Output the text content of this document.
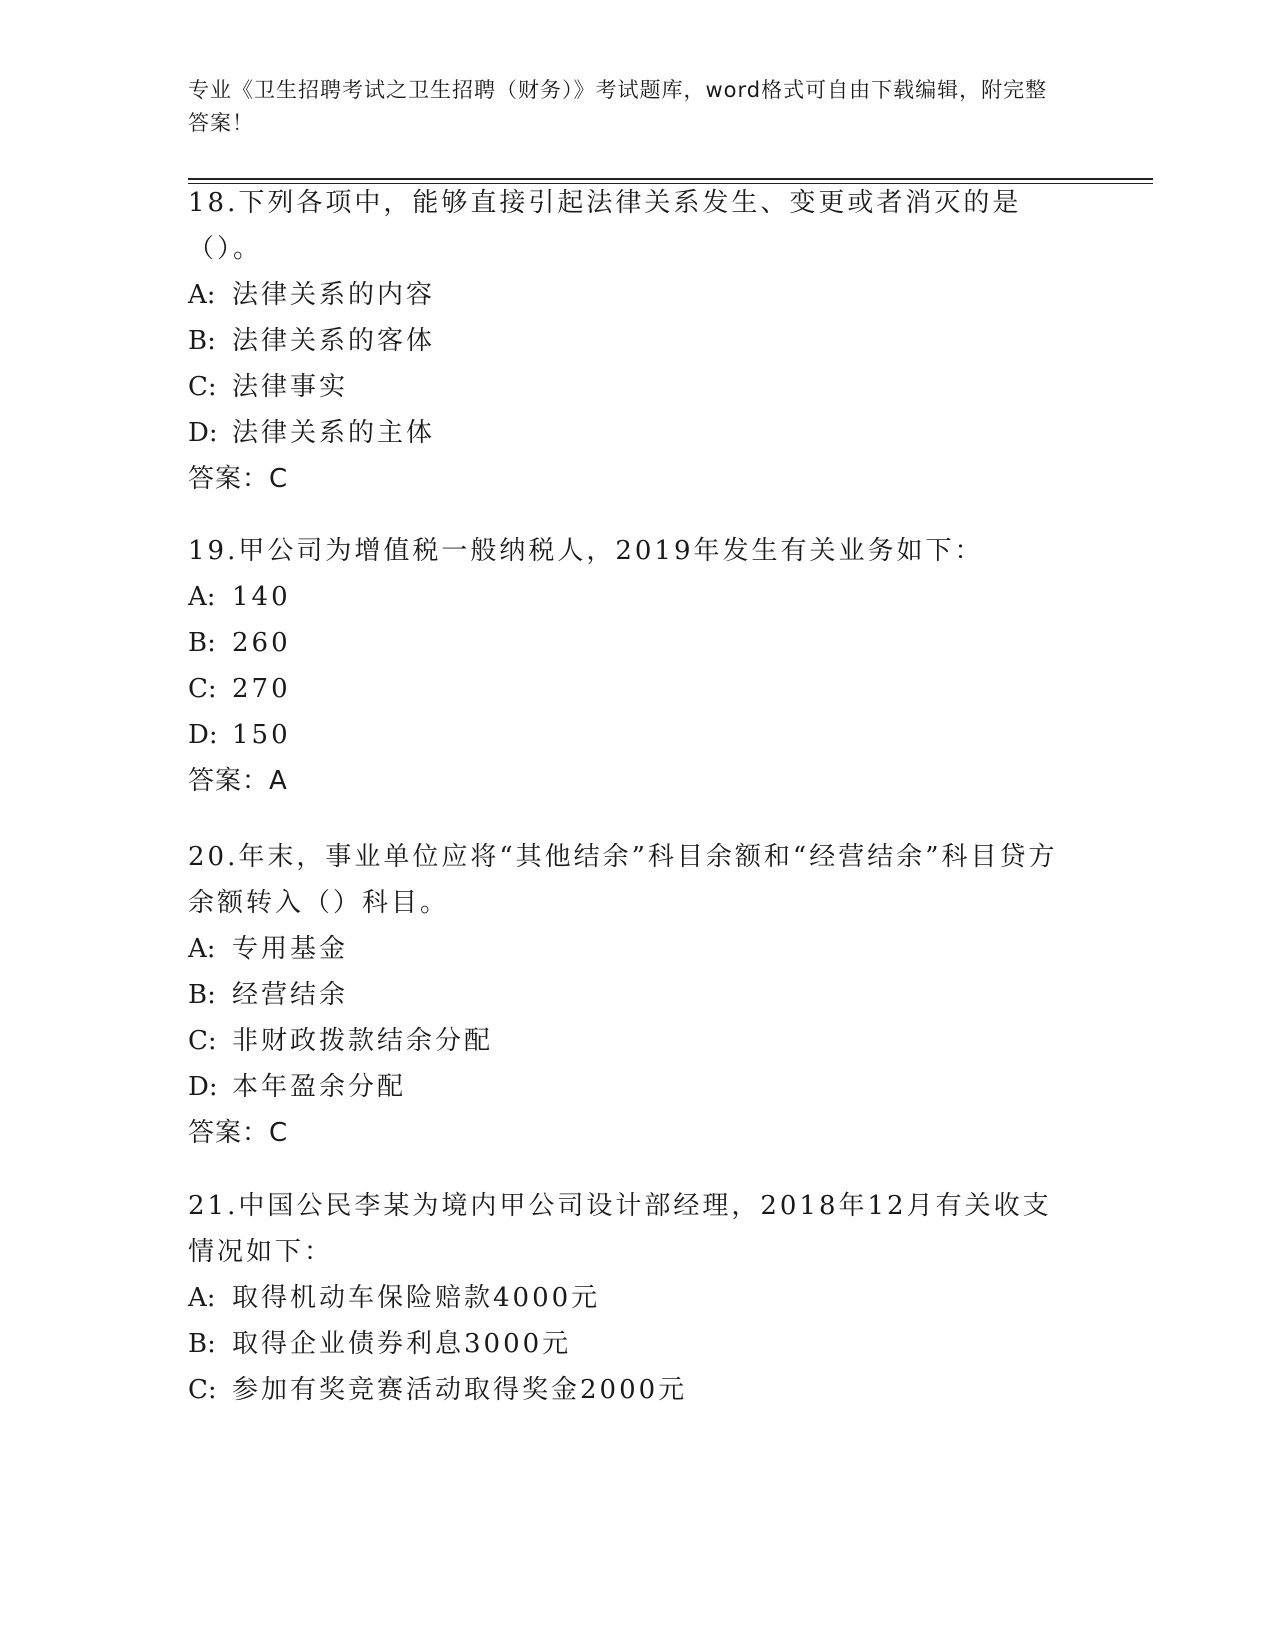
专业《卫生招聘考试之卫生招聘（财务）》考试题库，word格式可自由下载编辑，附完整答案！

18.下列各项中，能够直接引起法律关系发生、变更或者消灭的是（）。

A: 法律关系的内容

B: 法律关系的客体

C: 法律事实

D: 法律关系的主体

答案：C

19.甲公司为增值税一般纳税人，2019年发生有关业务如下：

A: 140

B: 260

C: 270

D: 150

答案：A

20.年末，事业单位应将“其他结余”科目余额和“经营结余”科目贷方余额转入（）科目。

A: 专用基金

B: 经营结余

C: 非财政拨款结余分配

D: 本年盈余分配

答案：C

21.中国公民李某为境内甲公司设计部经理，2018年12月有关收支情况如下：

A: 取得机动车保险赔款4000元

B: 取得企业债券利息3000元

C: 参加有奖竞赛活动取得奖金2000元
